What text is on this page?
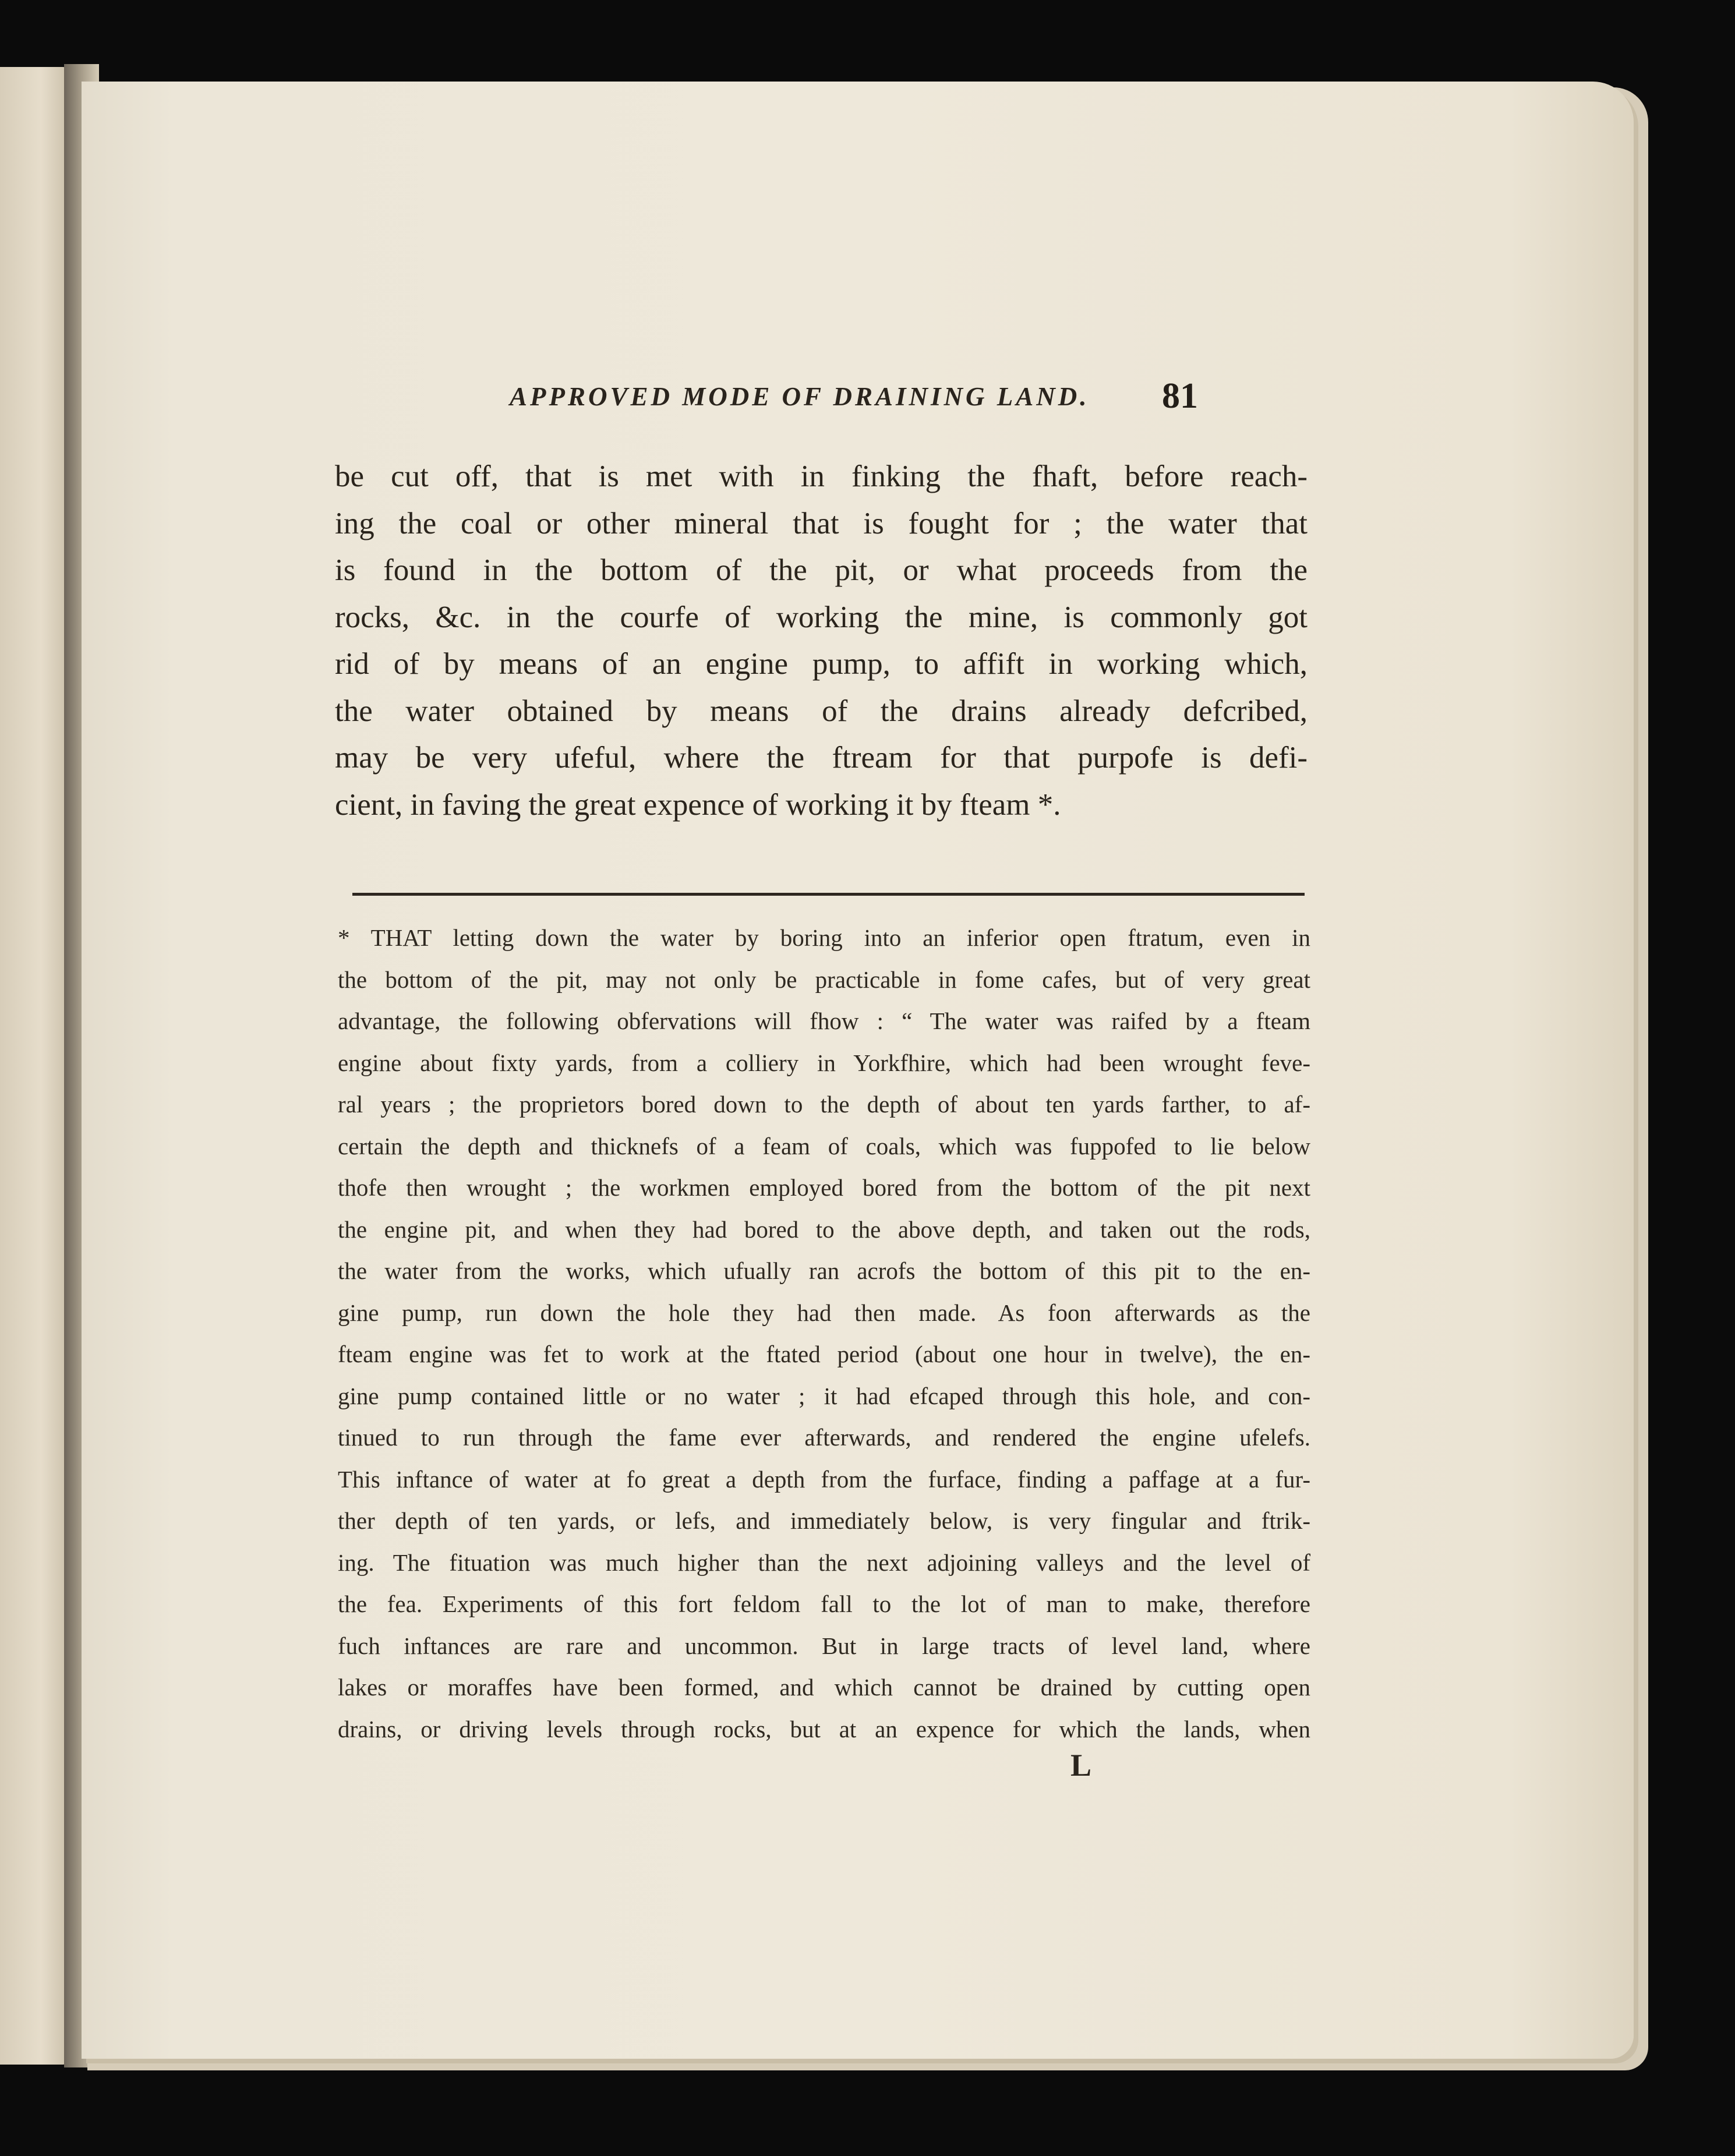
APPROVED MODE OF DRAINING LAND. 81
be cut off, that is met with in finking the fhaft, before reach-
ing the coal or other mineral that is fought for ; the water that
is found in the bottom of the pit, or what proceeds from the
rocks, &c. in the courfe of working the mine, is commonly got
rid of by means of an engine pump, to affift in working which,
the water obtained by means of the drains already defcribed,
may be very ufeful, where the ftream for that purpofe is defi-
cient, in faving the great expence of working it by fteam *.
* THAT letting down the water by boring into an inferior open ftratum, even in
the bottom of the pit, may not only be practicable in fome cafes, but of very great
advantage, the following obfervations will fhow : “ The water was raifed by a fteam
engine about fixty yards, from a colliery in Yorkfhire, which had been wrought feve-
ral years ; the proprietors bored down to the depth of about ten yards farther, to af-
certain the depth and thicknefs of a feam of coals, which was fuppofed to lie below
thofe then wrought ; the workmen employed bored from the bottom of the pit next
the engine pit, and when they had bored to the above depth, and taken out the rods,
the water from the works, which ufually ran acrofs the bottom of this pit to the en-
gine pump, run down the hole they had then made. As foon afterwards as the
fteam engine was fet to work at the ftated period (about one hour in twelve), the en-
gine pump contained little or no water ; it had efcaped through this hole, and con-
tinued to run through the fame ever afterwards, and rendered the engine ufelefs.
This inftance of water at fo great a depth from the furface, finding a paffage at a fur-
ther depth of ten yards, or lefs, and immediately below, is very fingular and ftrik-
ing. The fituation was much higher than the next adjoining valleys and the level of
the fea. Experiments of this fort feldom fall to the lot of man to make, therefore
fuch inftances are rare and uncommon. But in large tracts of level land, where
lakes or moraffes have been formed, and which cannot be drained by cutting open
drains, or driving levels through rocks, but at an expence for which the lands, when
L
